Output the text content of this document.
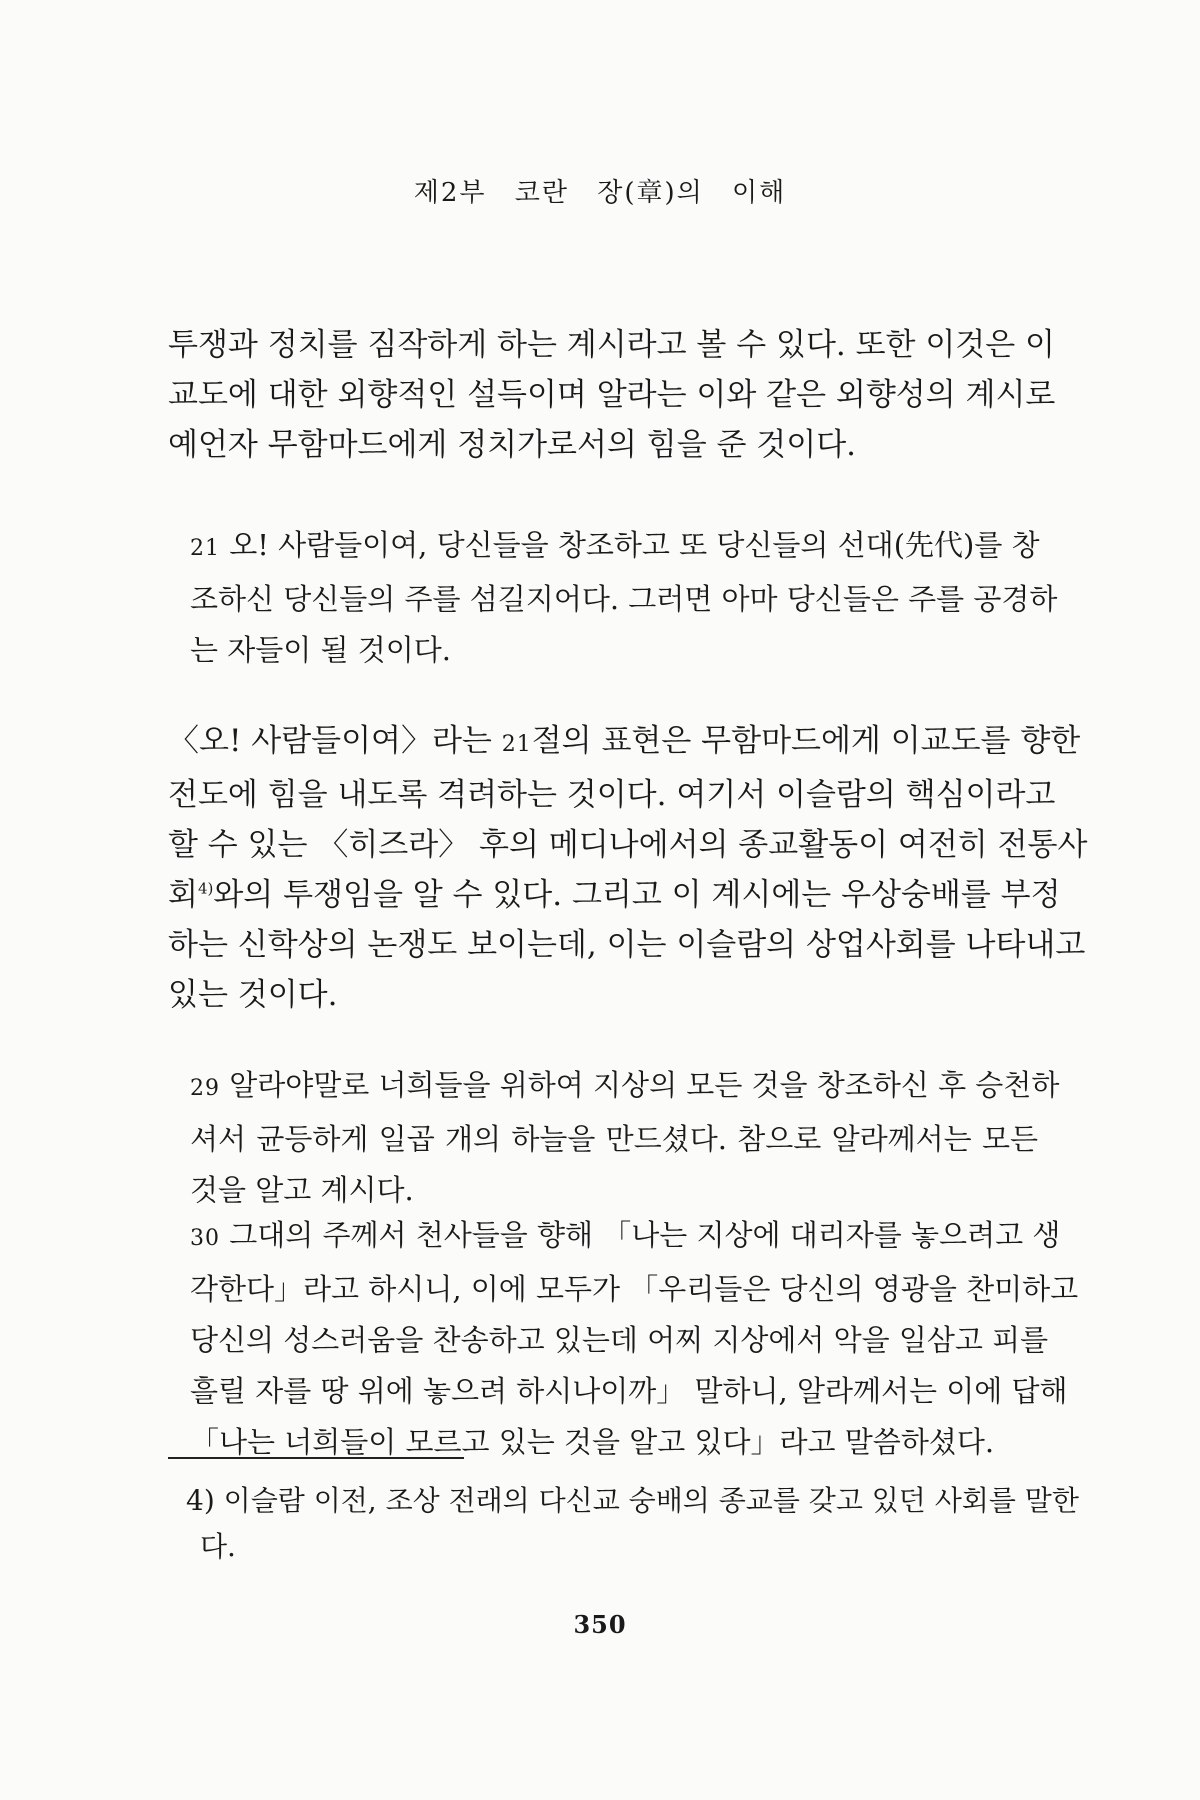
제2부 코란 장(章)의 이해
투쟁과 정치를 짐작하게 하는 계시라고 볼 수 있다. 또한 이것은 이
교도에 대한 외향적인 설득이며 알라는 이와 같은 외향성의 계시로
예언자 무함마드에게 정치가로서의 힘을 준 것이다.
21 오! 사람들이여, 당신들을 창조하고 또 당신들의 선대(先代)를 창
조하신 당신들의 주를 섬길지어다. 그러면 아마 당신들은 주를 공경하
는 자들이 될 것이다.
〈오! 사람들이여〉라는 21절의 표현은 무함마드에게 이교도를 향한
전도에 힘을 내도록 격려하는 것이다. 여기서 이슬람의 핵심이라고
할 수 있는 〈히즈라〉 후의 메디나에서의 종교활동이 여전히 전통사
회$^{4)}$와의 투쟁임을 알 수 있다. 그리고 이 계시에는 우상숭배를 부정
하는 신학상의 논쟁도 보이는데, 이는 이슬람의 상업사회를 나타내고
있는 것이다.
29 알라야말로 너희들을 위하여 지상의 모든 것을 창조하신 후 승천하
셔서 균등하게 일곱 개의 하늘을 만드셨다. 참으로 알라께서는 모든
것을 알고 계시다.
30 그대의 주께서 천사들을 향해 「나는 지상에 대리자를 놓으려고 생
각한다」라고 하시니, 이에 모두가 「우리들은 당신의 영광을 찬미하고
당신의 성스러움을 찬송하고 있는데 어찌 지상에서 악을 일삼고 피를
흘릴 자를 땅 위에 놓으려 하시나이까」 말하니, 알라께서는 이에 답해
「나는 너희들이 모르고 있는 것을 알고 있다」라고 말씀하셨다.
4) 이슬람 이전, 조상 전래의 다신교 숭배의 종교를 갖고 있던 사회를 말한
다.
350
